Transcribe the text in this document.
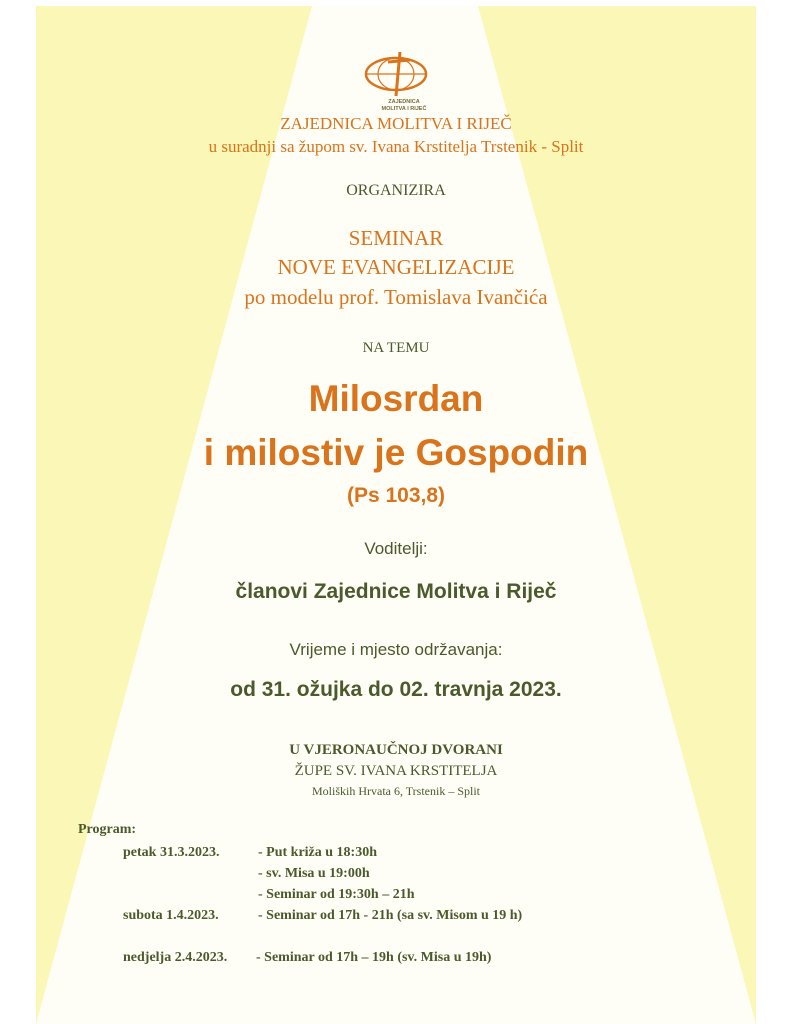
ZAJEDNICA
MOLITVA I RIJEČ
ZAJEDNICA MOLITVA I RIJEČ
u suradnji sa župom sv. Ivana Krstitelja Trstenik - Split
ORGANIZIRA
SEMINAR
NOVE EVANGELIZACIJE
po modelu prof. Tomislava Ivančića
NA TEMU
Milosrdan
i milostiv je Gospodin
(Ps 103,8)
Voditelji:
članovi Zajednice Molitva i Riječ
Vrijeme i mjesto održavanja:
od 31. ožujka do 02. travnja 2023.
U VJERONAUČNOJ DVORANI
ŽUPE SV. IVANA KRSTITELJA
Moliških Hrvata 6, Trstenik – Split
Program:
petak 31.3.2023.	- Put križa u 18:30h
- sv. Misa u 19:00h
- Seminar od 19:30h – 21h
subota 1.4.2023.	- Seminar od 17h - 21h (sa sv. Misom u 19 h)
nedjelja 2.4.2023. - Seminar od 17h – 19h (sv. Misa u 19h)
